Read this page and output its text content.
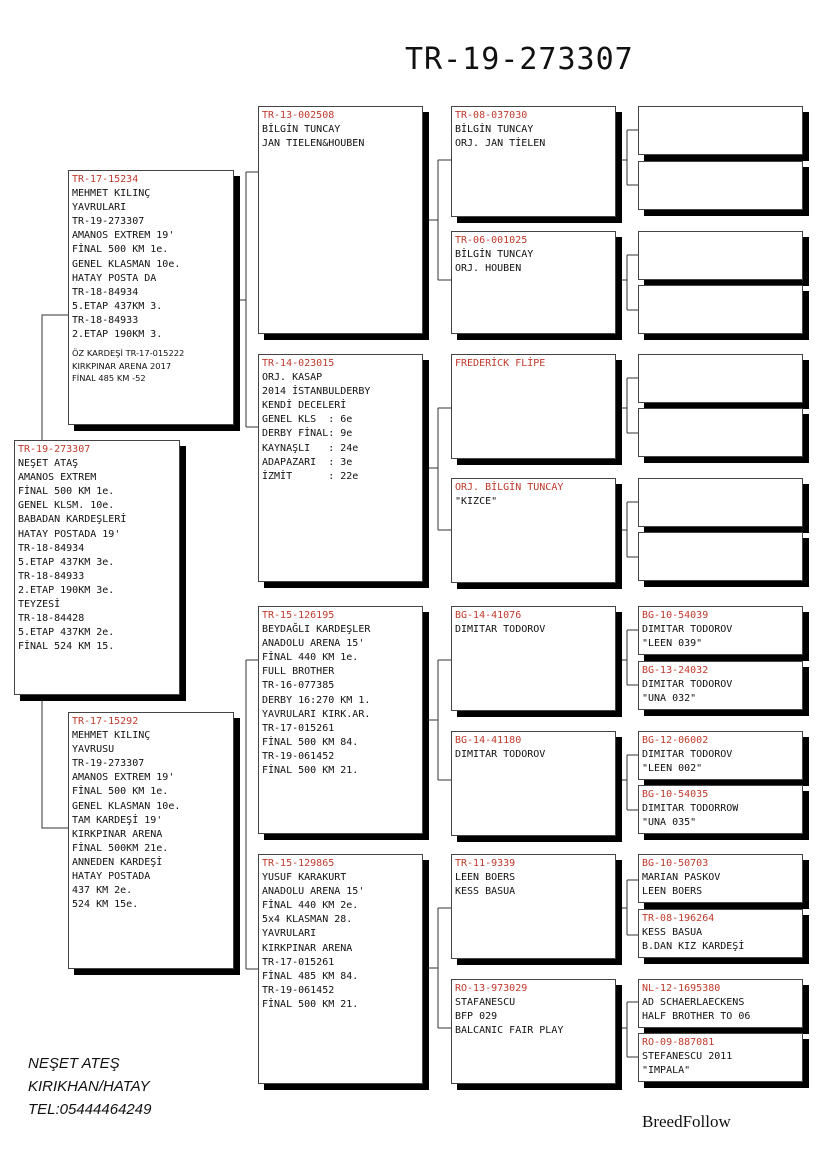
TR-19-273307
TR-19-273307
NEŞET ATAŞ
AMANOS EXTREM
FİNAL 500 KM 1e.
GENEL KLSM. 10e.
BABADAN KARDEŞLERİ
HATAY POSTADA 19'
TR-18-84934
5.ETAP 437KM 3e.
TR-18-84933
2.ETAP 190KM 3e.
TEYZESİ
TR-18-84428
5.ETAP 437KM 2e.
FİNAL 524 KM 15.
TR-17-15234
MEHMET KILINÇ
YAVRULARI
TR-19-273307
AMANOS EXTREM 19'
FİNAL 500 KM 1e.
GENEL KLASMAN 10e.
HATAY POSTA DA
TR-18-84934
5.ETAP 437KM 3.
TR-18-84933
2.ETAP 190KM 3.
ÖZ KARDEŞİ TR-17-015222
KIRKPINAR ARENA 2017
FİNAL 485 KM -52
TR-17-15292
MEHMET KILINÇ
YAVRUSU
TR-19-273307
AMANOS EXTREM 19'
FİNAL 500 KM 1e.
GENEL KLASMAN 10e.
TAM KARDEŞİ 19'
KIRKPINAR ARENA
FİNAL 500KM 21e.
ANNEDEN KARDEŞİ
HATAY POSTADA
437 KM 2e.
524 KM 15e.
TR-13-002508
BİLGİN TUNCAY
JAN TIELEN&HOUBEN
TR-14-023015
ORJ. KASAP
2014 İSTANBULDERBY
KENDİ DECELERİ
GENEL KLS  : 6e
DERBY FİNAL: 9e
KAYNAŞLI   : 24e
ADAPAZARI  : 3e
İZMİT      : 22e
TR-15-126195
BEYDAĞLI KARDEŞLER
ANADOLU ARENA 15'
FİNAL 440 KM 1e.
FULL BROTHER
TR-16-077385
DERBY 16:270 KM 1.
YAVRULARI KIRK.AR.
TR-17-015261
FİNAL 500 KM 84.
TR-19-061452
FİNAL 500 KM 21.
TR-15-129865
YUSUF KARAKURT
ANADOLU ARENA 15'
FİNAL 440 KM 2e.
5x4 KLASMAN 28.
YAVRULARI
KIRKPINAR ARENA
TR-17-015261
FİNAL 485 KM 84.
TR-19-061452
FİNAL 500 KM 21.
TR-08-037030
BİLGİN TUNCAY
ORJ. JAN TİELEN
TR-06-001025
BİLGİN TUNCAY
ORJ. HOUBEN
FREDERİCK FLİPE
ORJ. BİLGİN TUNCAY
"KIZCE"
BG-14-41076
DIMITAR TODOROV
BG-14-41180
DIMITAR TODOROV
TR-11-9339
LEEN BOERS
KESS BASUA
RO-13-973029
STAFANESCU
BFP 029
BALCANIC FAIR PLAY
BG-10-54039
DIMITAR TODOROV
"LEEN 039"
BG-13-24032
DIMITAR TODOROV
"UNA 032"
BG-12-06002
DIMITAR TODOROV
"LEEN 002"
BG-10-54035
DIMITAR TODORROW
"UNA 035"
BG-10-50703
MARIAN PASKOV
LEEN BOERS
TR-08-196264
KESS BASUA
B.DAN KIZ KARDEŞİ
NL-12-1695380
AD SCHAERLAECKENS
HALF BROTHER TO 06
RO-09-887081
STEFANESCU 2011
"IMPALA"
NEŞET ATEŞ
KIRIKHAN/HATAY
TEL:05444464249
BreedFollow
